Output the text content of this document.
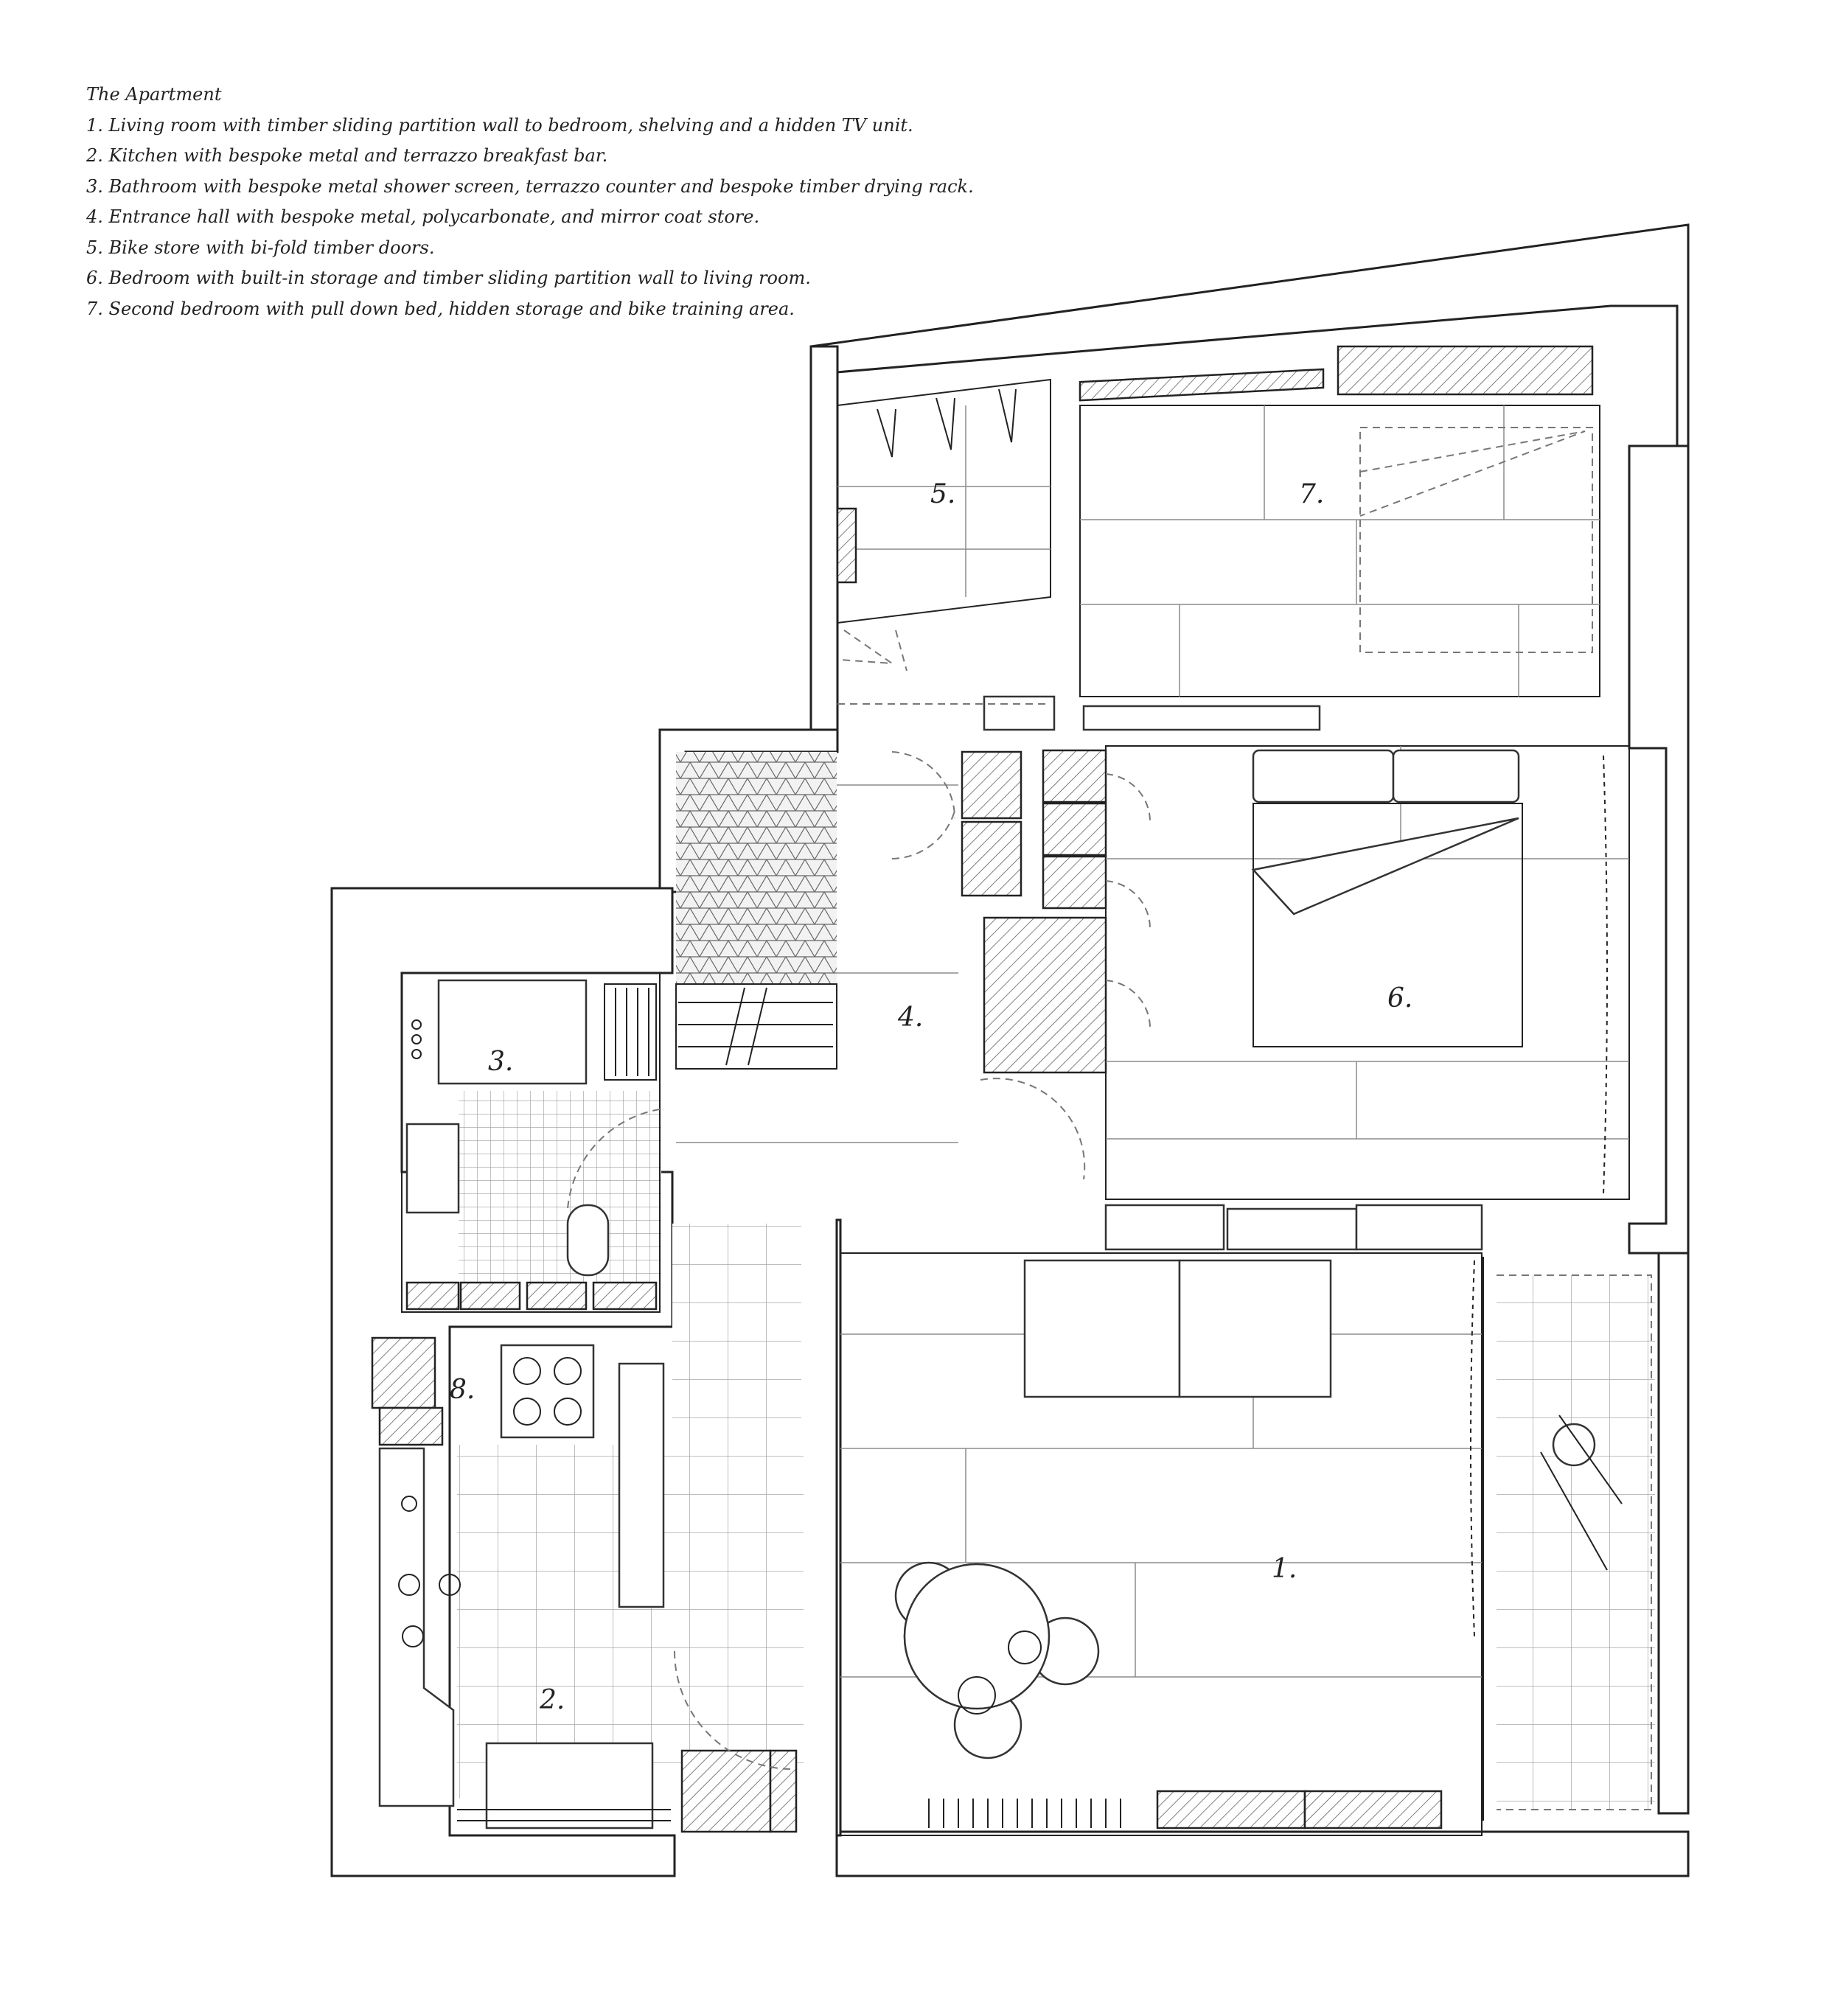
The Apartment
1. Living room with timber sliding partition wall to bedroom, shelving and a hidden TV unit.
2. Kitchen with bespoke metal and terrazzo breakfast bar.
3. Bathroom with bespoke metal shower screen, terrazzo counter and bespoke timber drying rack.
4. Entrance hall with bespoke metal, polycarbonate, and mirror coat store.
5. Bike store with bi-fold timber doors.
6. Bedroom with built-in storage and timber sliding partition wall to living room.
7. Second bedroom with pull down bed, hidden storage and bike training area.
1.
2.
3.
4.
5.
6.
7.
8.
